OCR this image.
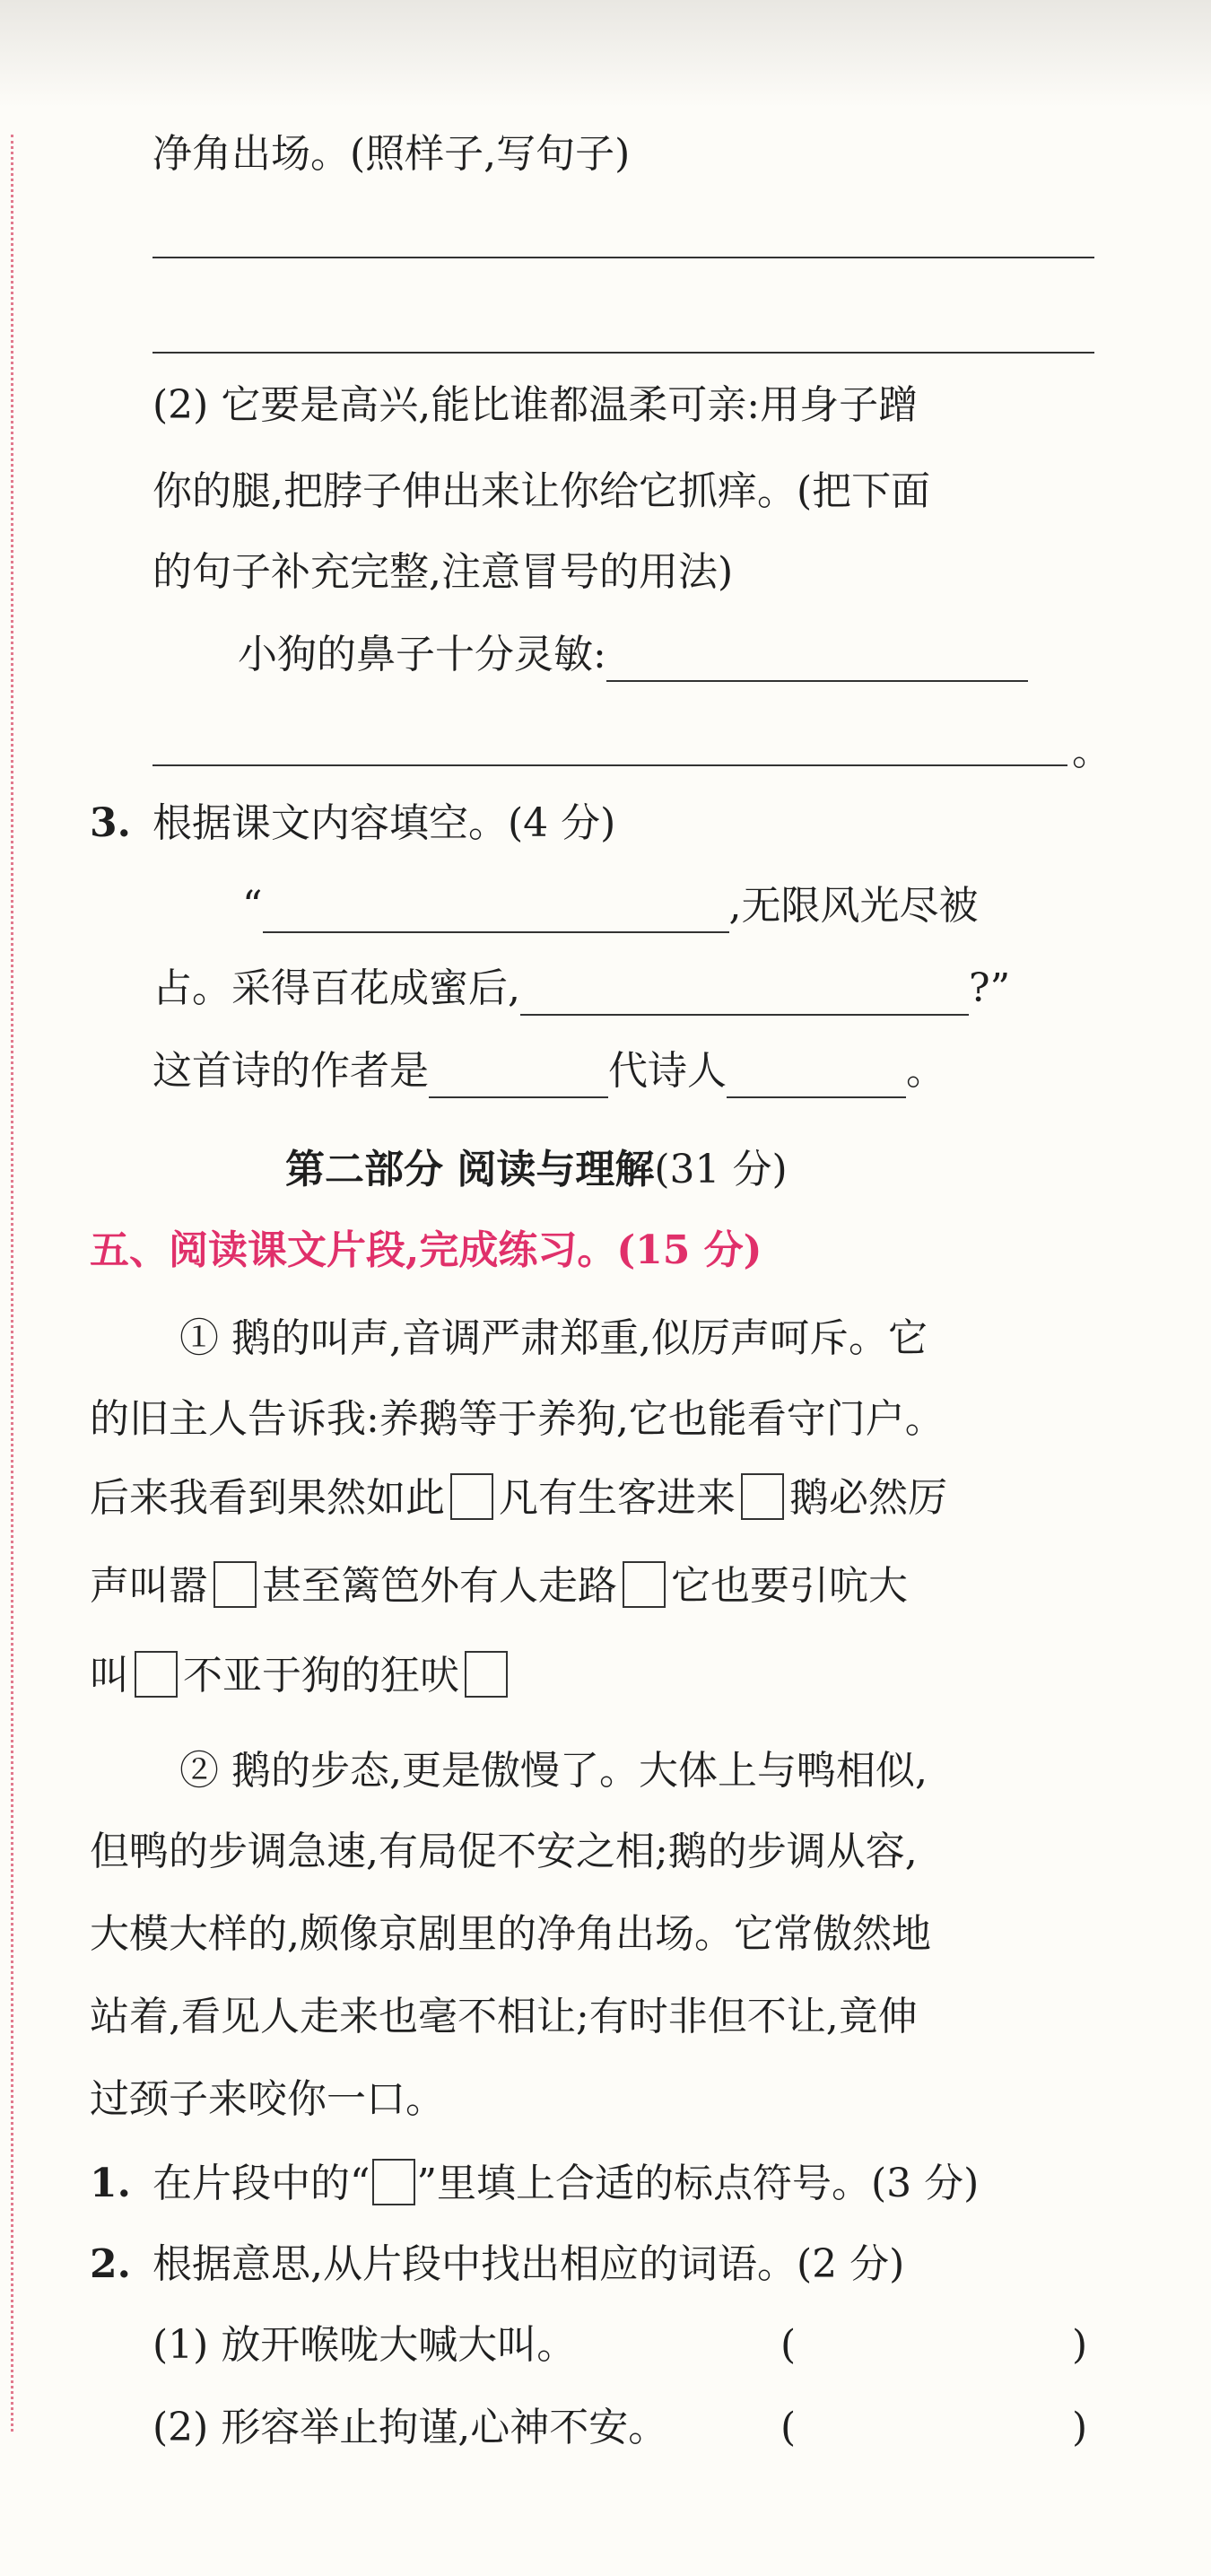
净角出场。(照样子,写句子)
(2) 它要是高兴,能比谁都温柔可亲:用身子蹭
你的腿,把脖子伸出来让你给它抓痒。(把下面
的句子补充完整,注意冒号的用法)
小狗的鼻子十分灵敏:
。
3. 根据课文内容填空。(4 分)
“	,无限风光尽被
占。采得百花成蜜后,	?”
这首诗的作者是	代诗人	。
第二部分 阅读与理解(31 分)
五、阅读课文片段,完成练习。(15 分)
① 鹅的叫声,音调严肃郑重,似厉声呵斥。它
的旧主人告诉我:养鹅等于养狗,它也能看守门户。
后来我看到果然如此 凡有生客进来 鹅必然厉
声叫嚣 甚至篱笆外有人走路 它也要引吭大
叫 不亚于狗的狂吠
② 鹅的步态,更是傲慢了。大体上与鸭相似,
但鸭的步调急速,有局促不安之相;鹅的步调从容,
大模大样的,颇像京剧里的净角出场。它常傲然地
站着,看见人走来也毫不相让;有时非但不让,竟伸
过颈子来咬你一口。
1. 在片段中的“ ”里填上合适的标点符号。(3 分)
2. 根据意思,从片段中找出相应的词语。(2 分)
(1) 放开喉咙大喊大叫。	(	)
(2) 形容举止拘谨,心神不安。	(	)
